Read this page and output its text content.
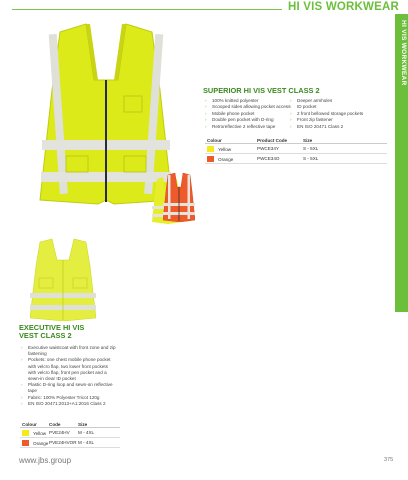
HI VIS WORKWEAR
HI VIS WORKWEAR
SUPERIOR HI VIS VEST CLASS 2
› 100% knitted polyester
› Scooped sides allowing pocket access
› Mobile phone pocket
› Double pen pocket with D-ring
› Retroreflective 2 reflective tape
› Deeper armholes
› ID pocket
› 2 front bellowed storage pockets
› Front zip fastener
› EN ISO 20471 Class 2
Colour	Product Code	Size
Yellow	PWCE34Y	S - 5XL
Orange	PWCE34O	S - 5XL
EXECUTIVE HI VIS
VEST CLASS 2
› Executive waistcoat with front zone and zip fastening
› Pockets: one chest mobile phone pocket with velcro flap, two lower front pockets with velcro flap, front pen pocket and a sewn-in clear ID pocket
› Plastic D-ring loop and sewn-on reflective tape
› Fabric: 100% Polyester Tricot 120g
› EN ISO 20471:2013+A1:2016 Class 2
Colour	Code	Size
Yellow PVE24HV M - 4XL
Orange PVE24HVOR M - 4XL
www.jbs.group	375
